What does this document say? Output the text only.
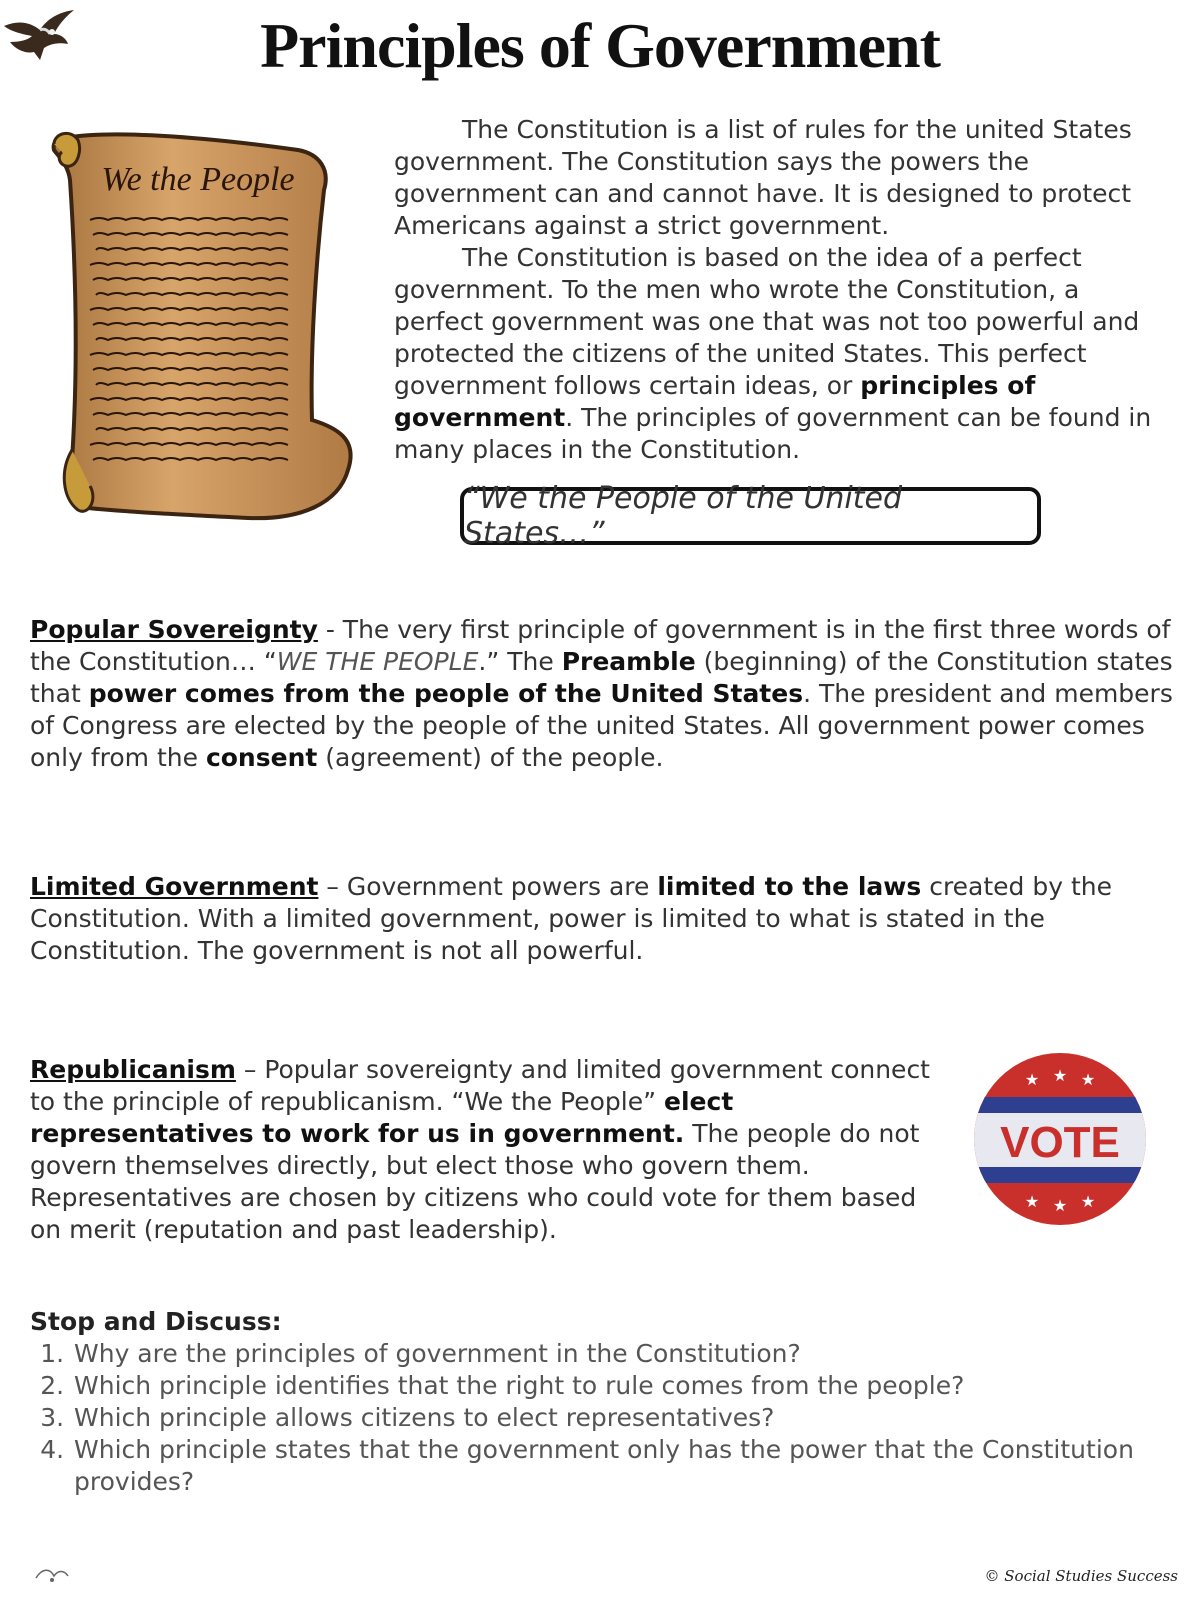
Principles of Government
We the People

The Constitution is a list of rules for the united States government. The Constitution says the powers the government can and cannot have. It is designed to protect Americans against a strict government.

The Constitution is based on the idea of a perfect government. To the men who wrote the Constitution, a perfect government was one that was not too powerful and protected the citizens of the united States. This perfect government follows certain ideas, or principles of government. The principles of government can be found in many places in the Constitution.

“We the People of the United States…”
Popular Sovereignty - The very first principle of government is in the first three words of the Constitution… “WE THE PEOPLE.” The Preamble (beginning) of the Constitution states that power comes from the people of the United States. The president and members of Congress are elected by the people of the united States. All government power comes only from the consent (agreement) of the people.
Limited Government – Government powers are limited to the laws created by the Constitution. With a limited government, power is limited to what is stated in the Constitution. The government is not all powerful.
Republicanism – Popular sovereignty and limited government connect to the principle of republicanism. “We the People” elect representatives to work for us in government. The people do not govern themselves directly, but elect those who govern them. Representatives are chosen by citizens who could vote for them based on merit (reputation and past leadership).
VOTE
★ ★ ★
★ ★ ★
Stop and Discuss:
1. Why are the principles of government in the Constitution?
2. Which principle identifies that the right to rule comes from the people?
3. Which principle allows citizens to elect representatives?
4. Which principle states that the government only has the power that the Constitution provides?
© Social Studies Success
